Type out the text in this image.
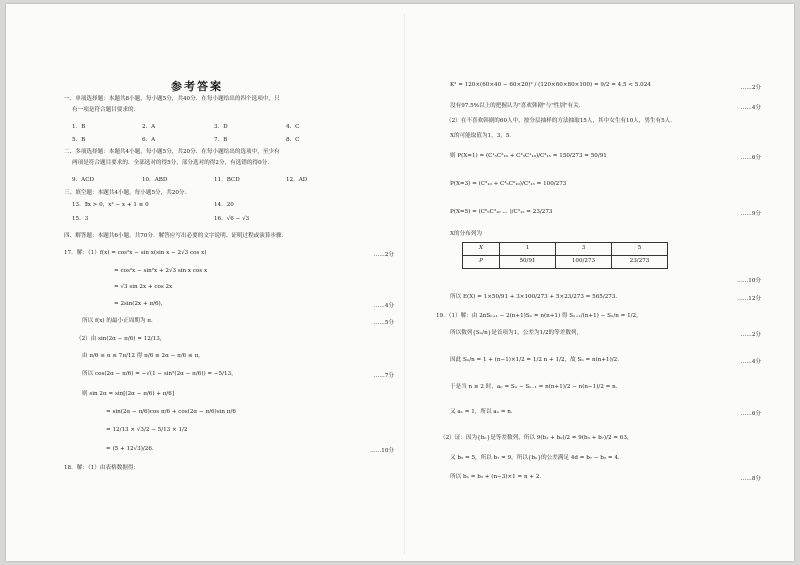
参考答案
一、单项选择题：本题共8小题，每小题5分，共40分．在每小题给出的四个选项中，只
有一项是符合题目要求的．
1．B	2．A	3．D	4．C
5．B	6．A	7．B	8．C
二、多项选择题：本题共4小题，每小题5分，共20分．在每小题给出的选项中，至少有
两项是符合题目要求的．全部选对的得5分，部分选对的得2分，有选错的得0分．
9．ACD	10．ABD	11．BCD	12．AD
三、填空题：本题共4小题，每小题5分，共20分．
13．∃x > 0，x² − x + 1 ≤ 0	14．20
15．3	16．√6 − √3
四、解答题：本题共6小题，共70分．解答应写出必要的文字说明、证明过程或演算步骤．
17．解：（1）f(x) = cos²x − sin x(sin x − 2√3 cos x)	……2分
= cos²x − sin²x + 2√3 sin x cos x
= √3 sin 2x + cos 2x
= 2sin(2x + π/6)，	……4分
所以 f(x) 的最小正周期为 π．	……5分
（2）由 sin(2α − π/6) = 12/13，
由 π/6 ≤ α ≤ 7π/12 得 π/6 ≤ 2α − π/6 ≤ π，
所以 cos(2α − π/6) = −√(1 − sin²(2α − π/6)) = −5/13，	……7分
则 sin 2α = sin[(2α − π/6) + π/6]
= sin(2α − π/6)cos π/6 + cos(2α − π/6)sin π/6
= 12/13 × √3/2 − 5/13 × 1/2
= (5 + 12√3)/26．	……10分
18．解：（1）由表格数据得：
K² = 120×(60×40 − 60×20)² / (120×60×80×100) = 9/2 = 4.5 < 5.024	……2分
没有97.5%以上的把握认为"喜欢韩剧"与"性别"有关．	……4分
（2）在不喜欢韩剧的60人中，按分层抽样的方法抽取15人，其中女生有10人，男生有5人．
X的可能取值为1，3，5．
则 P(X=1) = (C¹₅C²₁₀ + C²₅C¹₁₀)/C³₁₅ = 150/273 = 50/91	……6分
P(X=3) = (C³₁₀ + C³₅C⁰₁₀)/C³₁₅ = 100/273
P(X=5) = (C⁰₅C³₁₀ ... )/C³₁₅ = 23/273	……9分
X的分布列为
X	1	3	5
P	50/91	100/273	23/273
……10分
所以 E(X) = 1×50/91 + 3×100/273 + 5×23/273 = 565/273．	……12分
19．（1）解：由 2nSₙ₊₁ − 2(n+1)Sₙ = n(n+1) 得 Sₙ₊₁/(n+1) − Sₙ/n = 1/2，
所以数列{Sₙ/n}是首项为1，公差为1/2的等差数列，	……2分
因此 Sₙ/n = 1 + (n−1)×1/2 = 1/2 n + 1/2，故 Sₙ = n(n+1)/2．	……4分
于是当 n ≥ 2 时，aₙ = Sₙ − Sₙ₋₁ = n(n+1)/2 − n(n−1)/2 = n．
又 a₁ = 1，所以 aₙ = n．	……6分
（2）证：因为{bₙ}是等差数列，所以 9(b₁ + b₉)/2 = 9(b₃ + b₇)/2 = 63，
又 b₃ = 5，所以 b₇ = 9，所以{bₙ}的公差满足 4d = b₇ − b₃ = 4．
所以 bₙ = b₃ + (n−3)×1 = n + 2．	……8分
